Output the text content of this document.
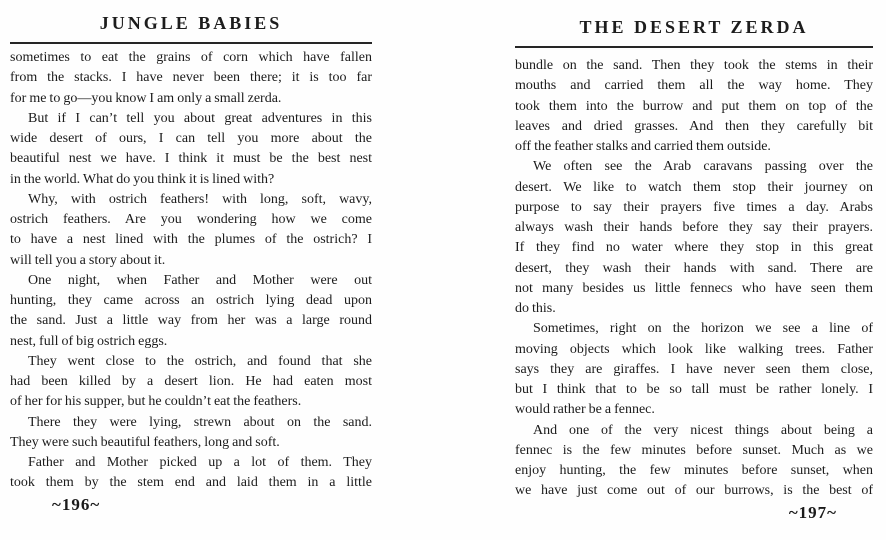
JUNGLE BABIES
sometimes to eat the grains of corn which have fallen
from the stacks. I have never been there; it is too far
for me to go—you know I am only a small zerda.
But if I can’t tell you about great adventures in this
wide desert of ours, I can tell you more about the
beautiful nest we have. I think it must be the best nest
in the world. What do you think it is lined with?
Why, with ostrich feathers! with long, soft, wavy,
ostrich feathers. Are you wondering how we come
to have a nest lined with the plumes of the ostrich? I
will tell you a story about it.
One night, when Father and Mother were out
hunting, they came across an ostrich lying dead upon
the sand. Just a little way from her was a large round
nest, full of big ostrich eggs.
They went close to the ostrich, and found that she
had been killed by a desert lion. He had eaten most
of her for his supper, but he couldn’t eat the feathers.
There they were lying, strewn about on the sand.
They were such beautiful feathers, long and soft.
Father and Mother picked up a lot of them. They
took them by the stem end and laid them in a little
~196~
THE DESERT ZERDA
bundle on the sand. Then they took the stems in their
mouths and carried them all the way home. They
took them into the burrow and put them on top of the
leaves and dried grasses. And then they carefully bit
off the feather stalks and carried them outside.
We often see the Arab caravans passing over the
desert. We like to watch them stop their journey on
purpose to say their prayers five times a day. Arabs
always wash their hands before they say their prayers.
If they find no water where they stop in this great
desert, they wash their hands with sand. There are
not many besides us little fennecs who have seen them
do this.
Sometimes, right on the horizon we see a line of
moving objects which look like walking trees. Father
says they are giraffes. I have never seen them close,
but I think that to be so tall must be rather lonely. I
would rather be a fennec.
And one of the very nicest things about being a
fennec is the few minutes before sunset. Much as we
enjoy hunting, the few minutes before sunset, when
we have just come out of our burrows, is the best of
~197~
